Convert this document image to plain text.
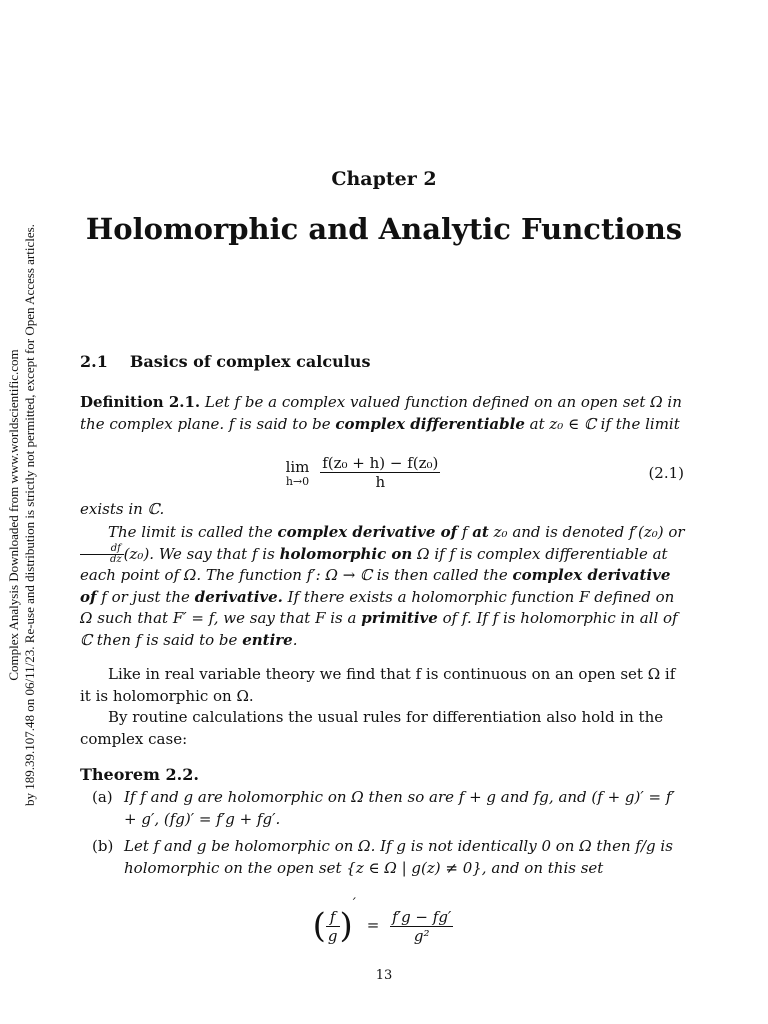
Complex Analysis Downloaded from www.worldscientific.com by 189.39.107.48 on 06/11/23. Re-use and distribution is strictly not permitted, except for Open Access articles.
Chapter 2
Holomorphic and Analytic Functions
2.1 Basics of complex calculus
Definition 2.1. Let f be a complex valued function defined on an open set Ω in the complex plane. f is said to be complex differentiable at z₀ ∈ ℂ if the limit
lim
h→0
$\frac{\text{f(z₀ + h) − f(z₀)}}{h}$	(2.1)
exists in ℂ.
The limit is called the complex derivative of f at z₀ and is denoted f′(z₀) or
$\frac{df}{dz} (z_0)$. We say that f is holomorphic on Ω if f is complex differentiable at each point of Ω. The function f′: Ω → ℂ is then called the complex derivative of f or just the derivative. If there exists a holomorphic function F defined on Ω such that F′ = f, we say that F is a primitive of f. If f is holomorphic in all of ℂ then f is said to be entire.
Like in real variable theory we find that f is continuous on an open set Ω if it is holomorphic on Ω.
By routine calculations the usual rules for differentiation also hold in the complex case:
Theorem 2.2.
(a) If f and g are holomorphic on Ω then so are f + g and fg, and (f + g)′ = f′ + g′, (fg)′ = f′g + fg′.
(b) Let f and g be holomorphic on Ω. If g is not identically 0 on Ω then f/g is holomorphic on the open set {z ∈ Ω | g(z) ≠ 0}, and on this set
( $\frac{f}{g} )' = \frac{f'g - fg'}{\text{g²}}$
13
